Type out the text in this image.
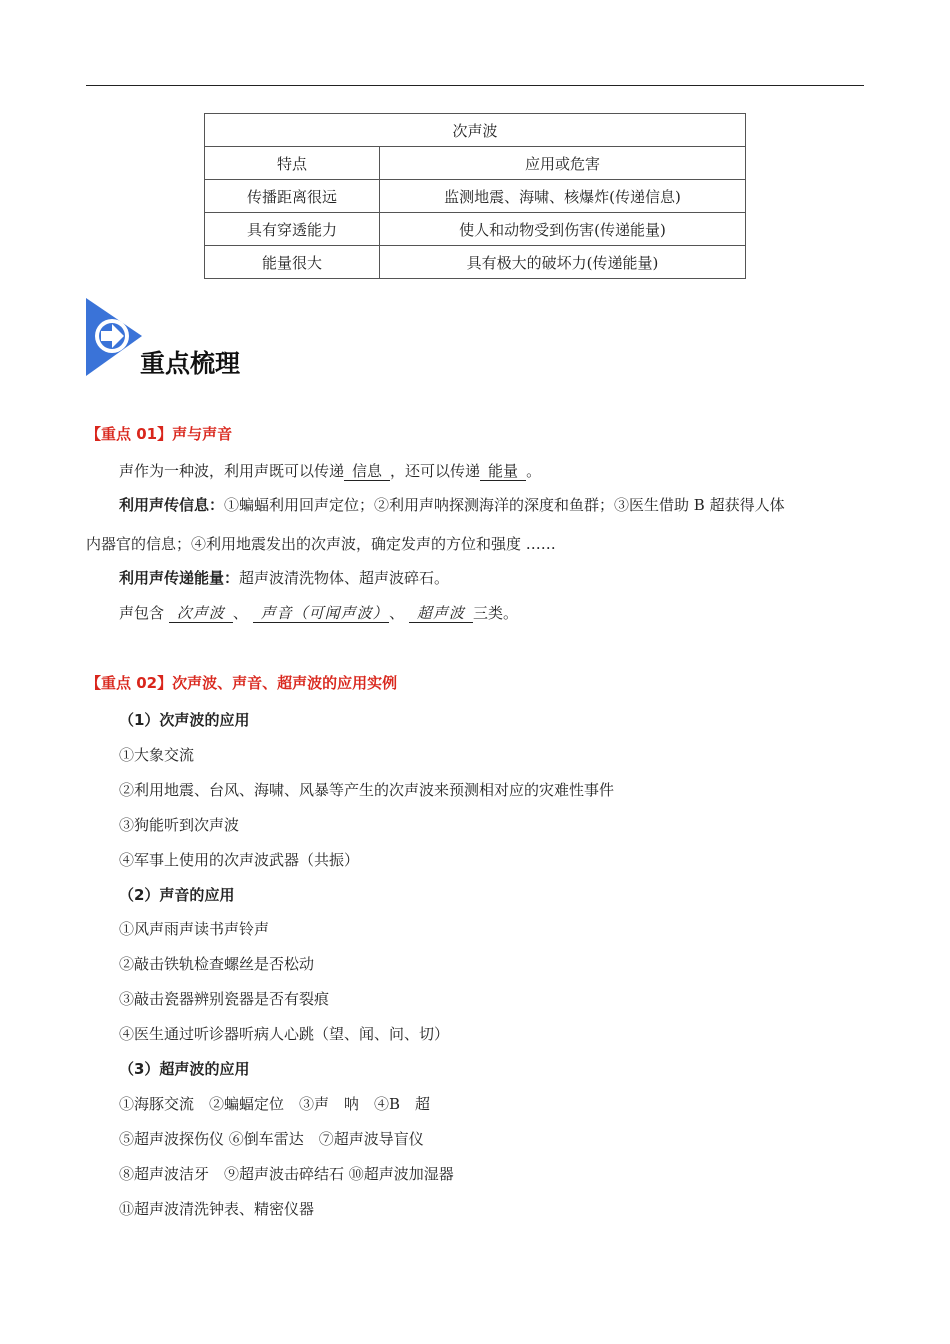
次声波	
特点	应用或危害
传播距离很远	监测地震、海啸、核爆炸(传递信息)
具有穿透能力	使人和动物受到伤害(传递能量)
能量很大	具有极大的破坏力(传递能量)
重点梳理
【重点 01】声与声音
声作为一种波，利用声既可以传递 信息 ，还可以传递 能量 。
利用声传信息：①蝙蝠利用回声定位；②利用声呐探测海洋的深度和鱼群；③医生借助 B 超获得人体
内器官的信息；④利用地震发出的次声波，确定发声的方位和强度 ……
利用声传递能量：超声波清洗物体、超声波碎石。
声包含 次声波 、 声音（可闻声波） 、 超声波 三类。
【重点 02】次声波、声音、超声波的应用实例
（1）次声波的应用
①大象交流
②利用地震、台风、海啸、风暴等产生的次声波来预测相对应的灾难性事件
③狗能听到次声波
④军事上使用的次声波武器（共振）
（2）声音的应用
①风声雨声读书声铃声
②敲击铁轨检查螺丝是否松动
③敲击瓷器辨别瓷器是否有裂痕
④医生通过听诊器听病人心跳（望、闻、问、切）
（3）超声波的应用
①海豚交流　②蝙蝠定位　③声　呐　④B　超
⑤超声波探伤仪 ⑥倒车雷达　⑦超声波导盲仪
⑧超声波洁牙　⑨超声波击碎结石 ⑩超声波加湿器
⑪超声波清洗钟表、精密仪器
